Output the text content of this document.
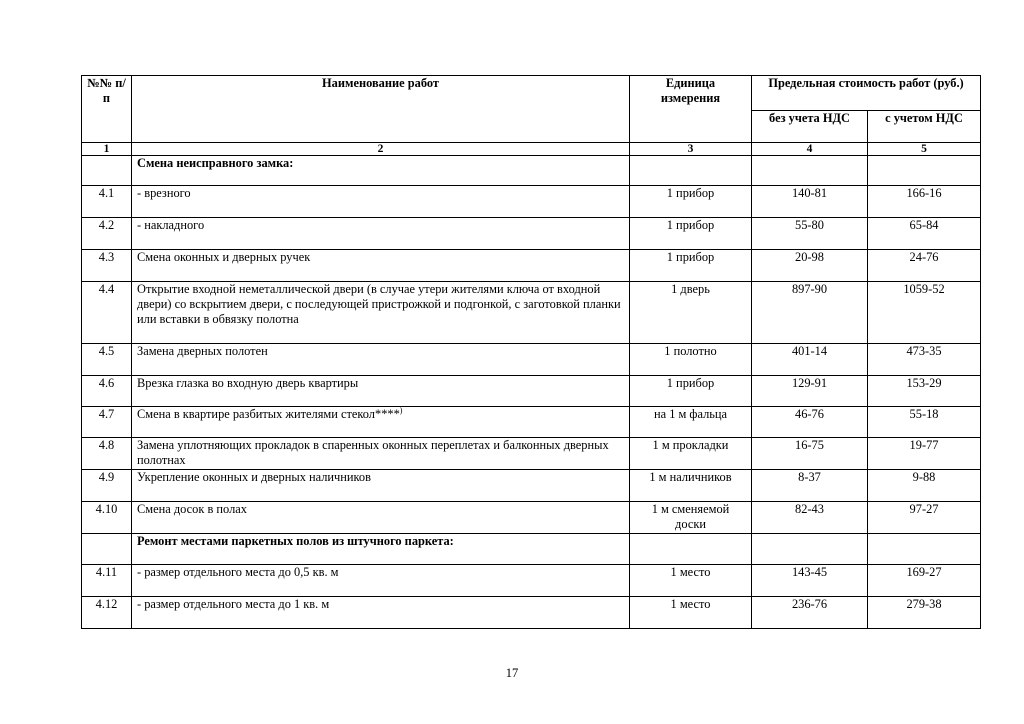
№№ п/п	Наименование работ	Единица измерения	Предельная стоимость работ (руб.)	
			без учета НДС	с учетом НДС
1	2	3	4	5
	Смена неисправного замка:			
4.1	- врезного	1 прибор	140-81	166-16
4.2	- накладного	1 прибор	55-80	65-84
4.3	Смена оконных и дверных ручек	1 прибор	20-98	24-76
4.4	Открытие входной неметаллической двери (в случае утери жителями ключа от входной двери) со вскрытием двери, с последующей пристрожкой и подгонкой, с заготовкой планки или вставки в обвязку полотна	1 дверь	897-90	1059-52
4.5	Замена дверных полотен	1 полотно	401-14	473-35
4.6	Врезка глазка во входную дверь квартиры	1 прибор	129-91	153-29
4.7	Смена в квартире разбитых жителями стекол****)	на 1 м фальца	46-76	55-18
4.8	Замена уплотняющих прокладок в спаренных оконных переплетах и балконных дверных полотнах	1 м прокладки	16-75	19-77
4.9	Укрепление оконных и дверных наличников	1 м наличников	8-37	9-88
4.10	Смена досок в полах	1 м сменяемой доски	82-43	97-27
	Ремонт местами паркетных полов из штучного паркета:			
4.11	- размер отдельного места до 0,5 кв. м	1 место	143-45	169-27
4.12	- размер отдельного места до 1 кв. м	1 место	236-76	279-38
17
